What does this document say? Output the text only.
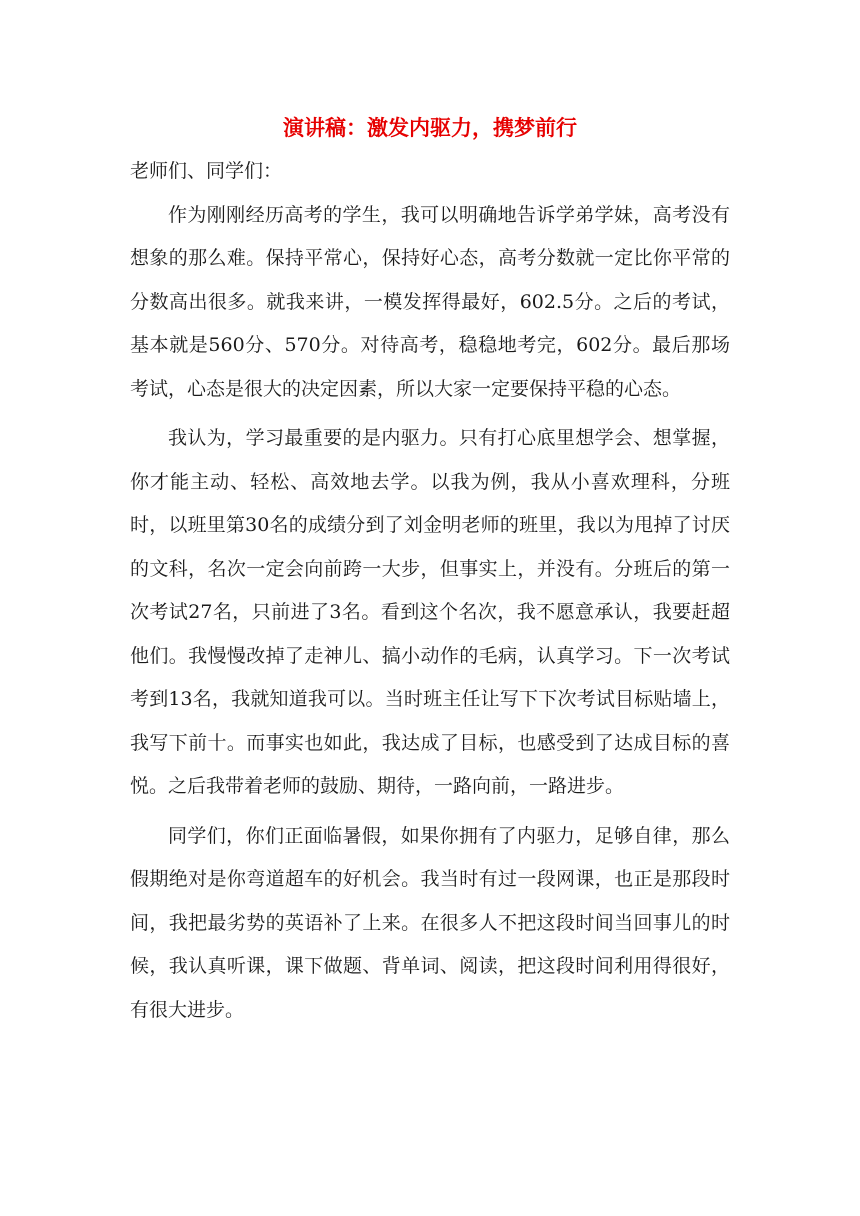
演讲稿：激发内驱力，携梦前行

老师们、同学们：

作为刚刚经历高考的学生，我可以明确地告诉学弟学妹，高考没有想象的那么难。保持平常心，保持好心态，高考分数就一定比你平常的分数高出很多。就我来讲，一模发挥得最好，602.5分。之后的考试，基本就是560分、570分。对待高考，稳稳地考完，602分。最后那场考试，心态是很大的决定因素，所以大家一定要保持平稳的心态。

我认为，学习最重要的是内驱力。只有打心底里想学会、想掌握，你才能主动、轻松、高效地去学。以我为例，我从小喜欢理科，分班时，以班里第30名的成绩分到了刘金明老师的班里，我以为甩掉了讨厌的文科，名次一定会向前跨一大步，但事实上，并没有。分班后的第一次考试27名，只前进了3名。看到这个名次，我不愿意承认，我要赶超他们。我慢慢改掉了走神儿、搞小动作的毛病，认真学习。下一次考试考到13名，我就知道我可以。当时班主任让写下下次考试目标贴墙上，我写下前十。而事实也如此，我达成了目标，也感受到了达成目标的喜悦。之后我带着老师的鼓励、期待，一路向前，一路进步。

同学们，你们正面临暑假，如果你拥有了内驱力，足够自律，那么假期绝对是你弯道超车的好机会。我当时有过一段网课，也正是那段时间，我把最劣势的英语补了上来。在很多人不把这段时间当回事儿的时候，我认真听课，课下做题、背单词、阅读，把这段时间利用得很好，有很大进步。
